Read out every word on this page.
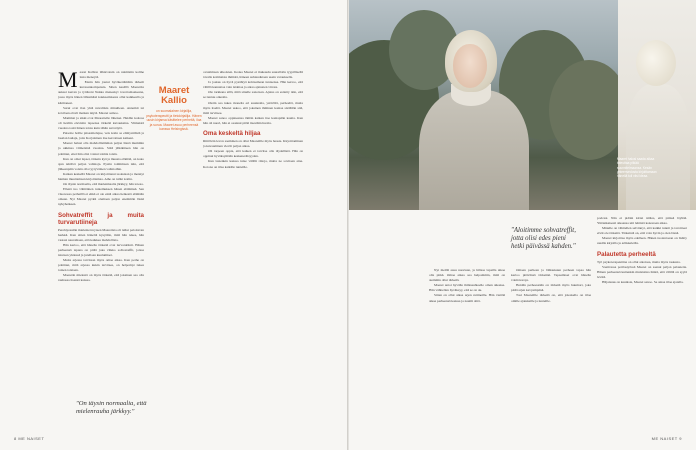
M aaret Kallion lähiavaisin on naimisiin kolme lasta meneytä.

Ennin hän joutui hyväkertämään tärkeät kuvasankompansia. Sitten kesällä Maarettia aukasi kerran ja tyttäreni Nekka meneekyt tovertomaakeana, jossa myös hänen lähtemäsä kokkaamisesta ollut kaikkealla ja kärmaneet.

Surut ovat ilan yhtä nuvaliisia minulleen. Annamti tai kovilaan elveli matkan näytä. Maaret samoo.

Mammat ja sikki ovat Maarettelle läheiset. Heidän koitosa oli heidän elevisiin lapsensa tärkeää kuvauksina. Viimeistä vuosina tosiä hänen toisia kuin tähän asti näytä.

Paisoite hollie pitsasittelujae, veis kotin sa elimysäilistä ja lasalan laulaja, joita Korjalainen itse kerrottuen kaikeut.

Maaret halusi olla mahdollisimman paljon läsnä mummin ja ukkinsa viimeisinä vuosina. Siitä jälkikäteen hän on pohtinut, ettei hän olisi voinut toimia toisin.

Kun on omat lapset, tärkein kyä ja muusta elämää, on koko ajan tehtävä paljon valintoja. Pystin toimimaan niin, että jälkeenpäin voisin olla tyytyväinen valintoihin.

Kaiken keskellä Maaret on kirjoittanut teoksiaan ja mennyt hieman muuttamaan kirjoittamaa. Aihe on tullut kotiin.

On täysin normaalia, että mielenmaalia järkkyy, hän toteaa.

Ellenä tuo vähitäinen tuntemuksen hänen elämänsä. Sen viuonossa perheillä ei ehkä ei ole enää aikaa hetkestä elämään omaan. Nyt Maaret pyrkii olemaan paljon enemmän läsnä nykyhetkeen.

Sohvatreffit ja muita turvarutiineja

Perehtyessään mielenterveyteen Maaretista oli tullut pelottavan herkkä. Kun sitten häneltä kysyttiin, mitä hän tekee, hän vastasi naurahtaen, että kaikkea mahdollista.

Hän kertoo, että hänelle tärkeää ovat turvarutiinit. Hänen perheensä tapana on pitää joka viikko sohvatreffit, joissa istutaan yhdessä ja jutellaan kuulumiset.

Mutta arjessa tarvitaan myös omaa aikaa. Kun perhe on pohtinut, mitä arjessa kukin tarvitsee, on helpompi tukea toinen toisiaan.

Maaretin mielestä on myös tärkeää, että jokainen saa olla rauhassa itsensä kanssa.

"On täysin normaalia, että mielenrauha järkkyy."
Maaret
Kallio
on suomalainen kirjailija, psykoterapeutti ja tietokirjailija. Hänen uusin kirjansa käsittelee perheitä, iloa ja surua. Maaret asuu perheensä kanssa Helsingissä.

ovaatimaan ulkoisten. Koska Maaret ei mukaudu suurellalla tyypillisellä tavalla kotimaisia ihmisiä, häneen suhtaudutaan usein varauksella.

Ja joskus on hyvä pysähtyä kohtaamaan tunteensa. Hän kertoo, että välillä kannattaa vain istahtaa ja antaa ajatusten virrata.

Ole tarkkana sillä, mitä sinulle sanotaan. Ajatus on esitetty niin, että se tuntuu oikealta.

Oletin saa tukea monelta eri suunnalta, ystäviltä, perheeltä, mutta myös itseltä. Maaret uskoo, että jokainen ihminen kantaa sisällään sitä, mitä tarvitsee.

Maaret sanoo oppineensa tämän kaiken itse kantapään kautta. Kun hän oli nuori, hän ei osannut pitää itsestään huolta.

Oma keskeltä hiljaa

Riittävän levon saaminen on ollut Maaretille myös haaste. Kirjoittaminen ja kuvaaminen vievät paljon aikaa.

Oli tarpeen oppia, että kaiken ei tarvitse olla täydellistä. Hän on oppinut hyväksymään keskeneräisyyden.

Kun lastenkin kanssa tulee välillä riitoja, mutta ne sovitaan aina. Kotona on tilaa kaikille tunteille.

8 ME NAISET
Maaret halusi saada aikaa toteuttaa pitkää suunnitelmaansa. Kesän yhteenvedosta kirjoittamaan hänellä tuli viisi ideaa.
"Aloitimme sohvatreffit, jotta olisi edes pieni hetki päivässä kahden."

Nyt meillä asuu nuoriaan, ja hilissa lapsilla aikaa olla pitkä. Omaa aikaa saa helpommin, mitä on aiemmin ollut tärkeää.

Maaret antoi hyvälle ihmissuhteelle oman aikansa. Hän vähitellen hyväksyy, että se on ok.

Sitten on ollut aikaa arjen rutiineille. Hän viettää aikaa perheensä kanssa ja nauttii siitä.

Omaan perheen ja lähisukuun perheen tapaa hän kertoo pitävänsä tärkeänä. Tapaamiset ovat hänelle voimavaroja.

Heidän perheessään on tärkeää myös huumori, joka pitää arjen kevyempänä.

Tosi Maaretille tärkeää on, että jokaisella on tilaa omille ajatuksille ja tunteille.

podcast. Nän ei pidäni kirtei niiltes, että päinsä löyhää. Yhtäaikaisesti aikaansa uiti lehtistä kokonaan aikaa.

Minulle on vähitellen selvinnyt, että kaikki tunnit ja tavoitteet eivät ole tärkeitä. Tärkeintä on, että voin hyvin ja olen läsnä.

Maaret kirjoittaa myös edelleen. Hänen tuotantoaan on lisätty uusilla kirjoilla ja artikkeleilla.

Palautetta perheeltä

Työ psykoterapeuttina on ollut antoisaa, mutta myös raskasta.

Vaativassa potilastyössä Maaret on saanut paljon palautetta. Hänen perheensä kuitenkin muistuttaa häntä, että välillä on syytä levätä.

Hiljaisuus on kaunista, Maaret sanoo. Se antaa tilaa ajatella.

ME NAISET 9
